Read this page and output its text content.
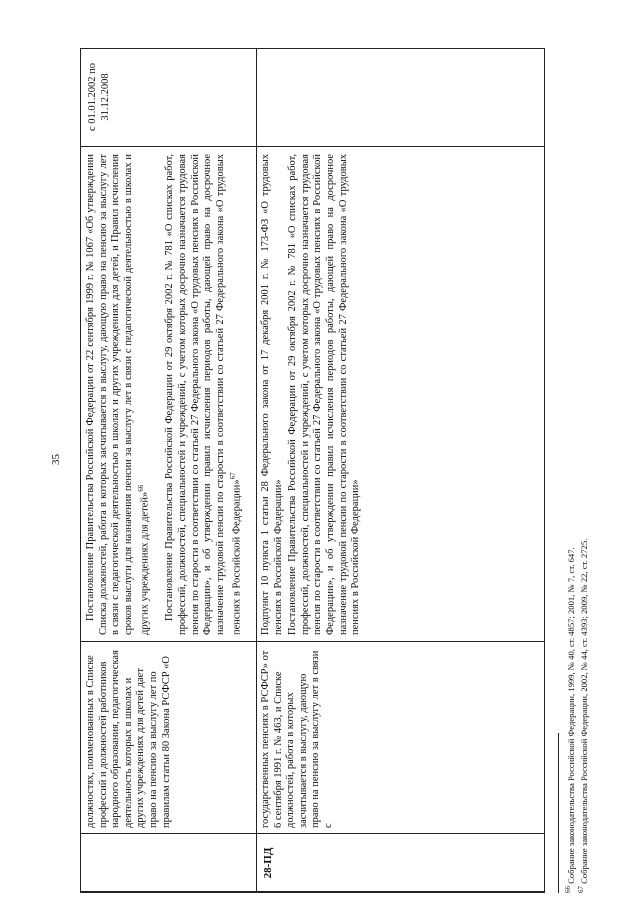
35
должностях, поименованных в Списке профессий и должностей работников народного образования, педагогическая деятельность которых в школах и других учреждениях для детей дает право на пенсию за выслугу лет по правилам статьи 80 Закона РСФСР «О

Постановление Правительства Российской Федерации от 22 сентября 1999 г. № 1067 «Об утверждении Списка должностей, работа в которых засчитывается в выслугу, дающую право на пенсию за выслугу лет в связи с педагогической деятельностью в школах и других учреждениях для детей, и Правил исчисления сроков выслуги для назначения пенсии за выслугу лет в связи с педагогической деятельностью в школах и других учреждениях для детей»$^{66}$	Постановление Правительства Российской Федерации от 29 октября 2002 г. № 781 «О списках работ, профессий, должностей, специальностей и учреждений, с учетом которых досрочно назначается трудовая пенсия по старости в соответствии со статьей 27 Федерального закона «О трудовых пенсиях в Российской Федерации», и об утверждении правил исчисления периодов работы, дающей право на досрочное назначение трудовой пенсии по старости в соответствии со статьей 27 Федерального закона «О трудовых пенсиях в Российской Федерации»$^{67}$

с 01.01.2002 по 31.12.2008
28-ПД
государственных пенсиях в РСФСР» от 6 сентября 1991 г. № 463, и Списке должностей, работа в которых засчитывается в выслугу, дающую право на пенсию за выслугу лет в связи с

Подпункт 10 пункта 1 статьи 28 Федерального закона от 17 декабря 2001 г. № 173-ФЗ «О трудовых пенсиях в Российской Федерации» Постановление Правительства Российской Федерации от 29 октября 2002 г. № 781 «О списках работ, профессий, должностей, специальностей и учреждений, с учетом которых досрочно назначается трудовая пенсия по старости в соответствии со статьей 27 Федерального закона «О трудовых пенсиях в Российской Федерации», и об утверждении правил исчисления периодов работы, дающей право на досрочное назначение трудовой пенсии по старости в соответствии со статьей 27 Федерального закона «О трудовых пенсиях в Российской Федерации»

$^{66}$ Собрание законодательства Российской Федерации, 1999, № 40, ст. 4857; 2001, № 7, ст. 647.
$^{67}$ Собрание законодательства Российской Федерации, 2002, № 44, ст. 4393; 2009, № 22, ст. 2725.
